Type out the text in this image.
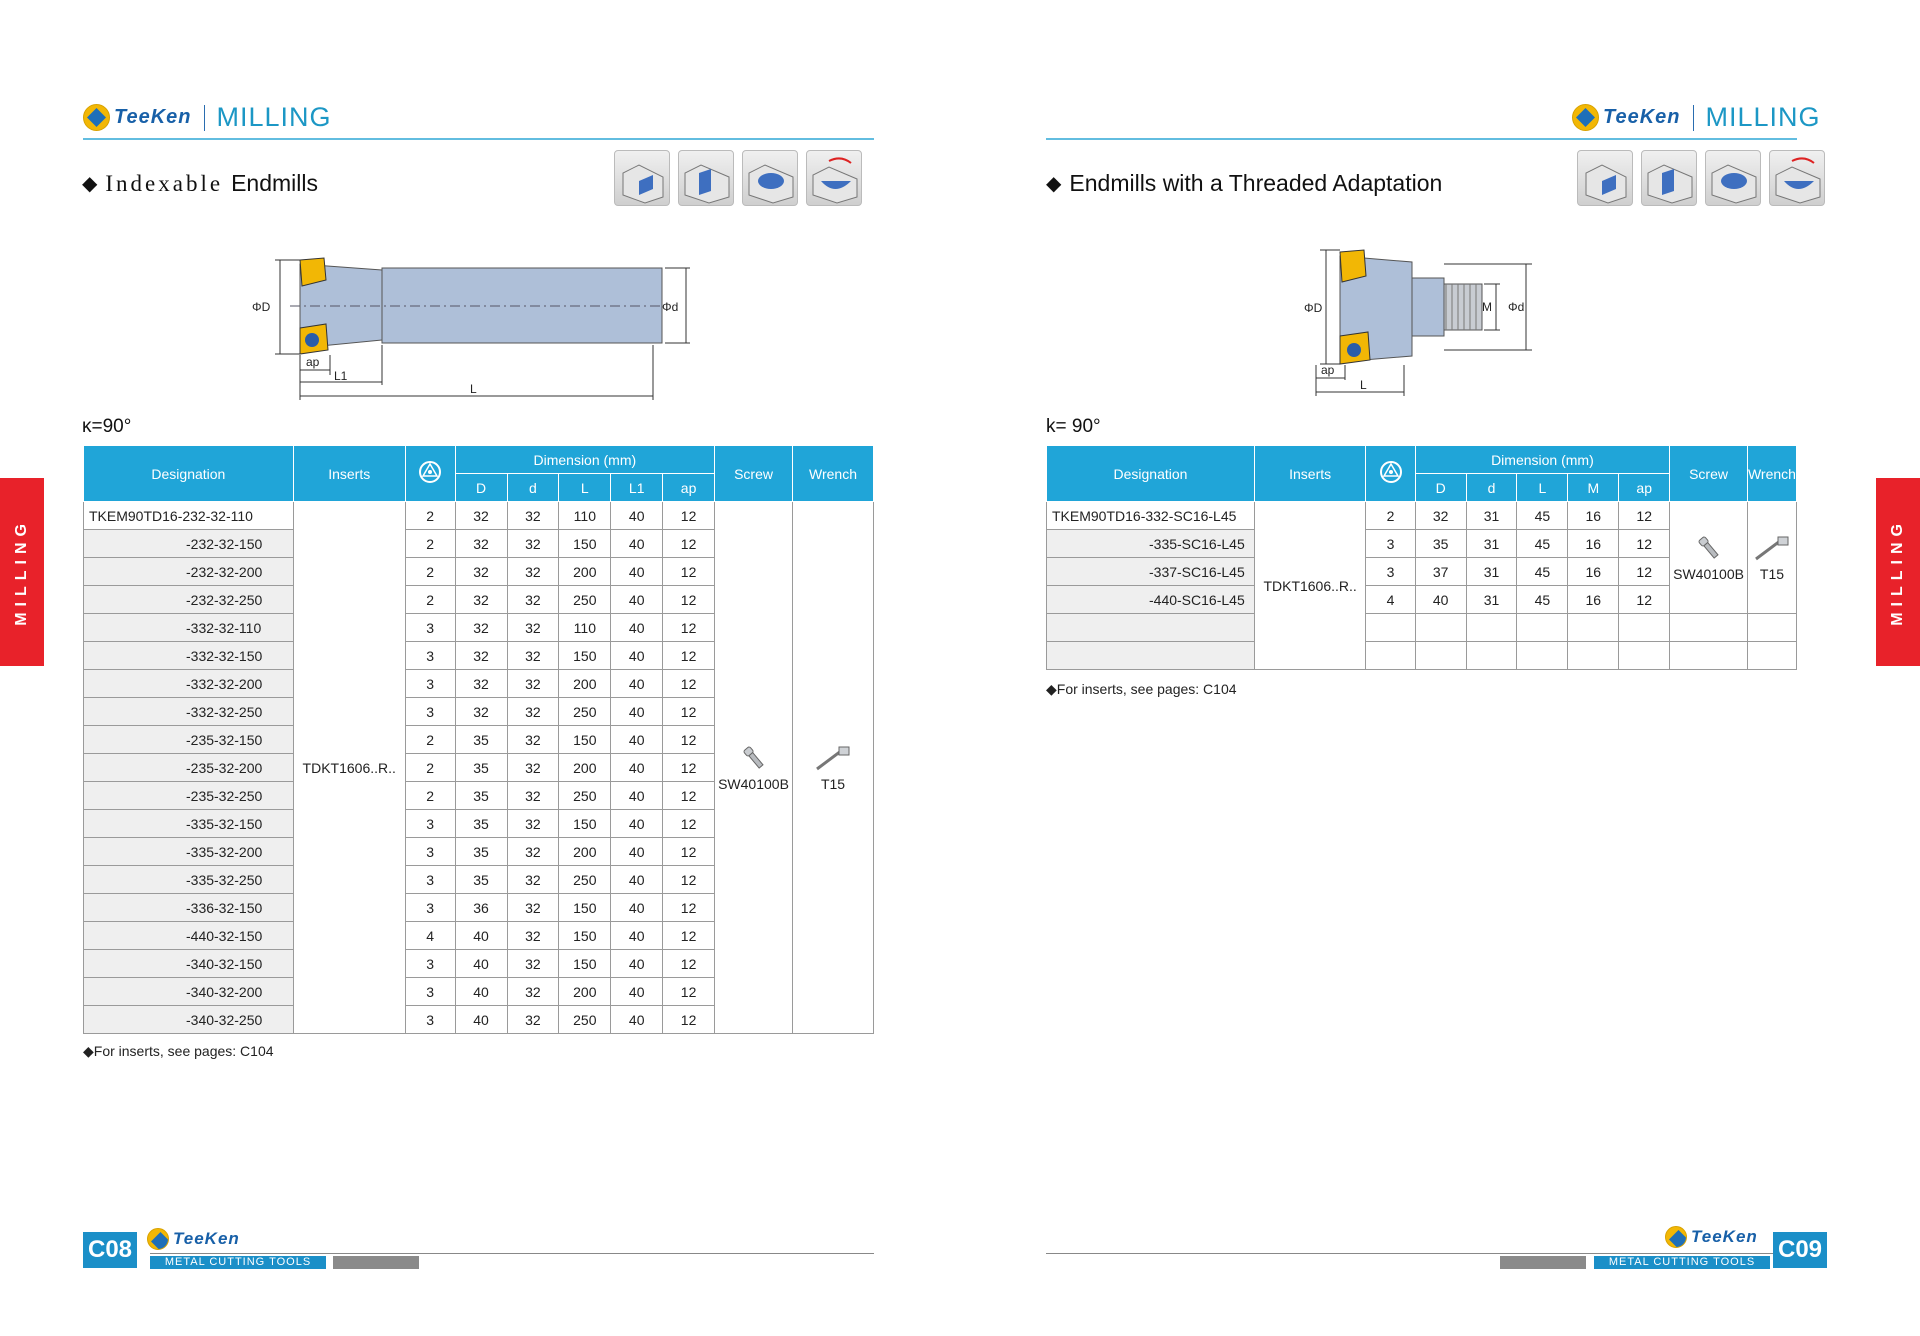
TeeKen MILLING
◆ Indexable Endmills
ΦD	Φd
ap
L1
L
κ=90°
Designation	Inserts		Dimension (mm)					Screw	Wrench
			D	d	L	L1	ap		
TKEM90TD16-232-32-110	TDKT1606..R..	2	32	32	110	40	12	SW40100B	T15

-232-32-150		2	32	32	150	40	12		
-232-32-200		2	32	32	200	40	12		
-232-32-250		2	32	32	250	40	12		
-332-32-110		3	32	32	110	40	12		
-332-32-150		3	32	32	150	40	12		
-332-32-200		3	32	32	200	40	12		
-332-32-250		3	32	32	250	40	12		
-235-32-150		2	35	32	150	40	12		
-235-32-200		2	35	32	200	40	12		
-235-32-250		2	35	32	250	40	12		
-335-32-150		3	35	32	150	40	12		
-335-32-200		3	35	32	200	40	12		
-335-32-250		3	35	32	250	40	12		
-336-32-150		3	36	32	150	40	12		
-440-32-150		4	40	32	150	40	12		
-340-32-150		3	40	32	150	40	12		
-340-32-200		3	40	32	200	40	12		
-340-32-250		3	40	32	250	40	12		
◆For inserts, see pages: C104
MILLING
C08 TeeKen
METAL CUTTING TOOLS
TeeKen MILLING
◆ Endmills with a Threaded Adaptation
ΦD	M Φd
ap
L
k= 90°
Designation	Inserts		Dimension (mm)					Screw	Wrench
			D	d	L	M	ap		
TKEM90TD16-332-SC16-L45	TDKT1606..R..	2	32	31	45	16	12	SW40100B	T15

-335-SC16-L45		3	35	31	45	16	12		
-337-SC16-L45		3	37	31	45	16	12		
-440-SC16-L45		4	40	31	45	16	12		

◆For inserts, see pages: C104
MILLING
C09
TeeKen
METAL CUTTING TOOLS
